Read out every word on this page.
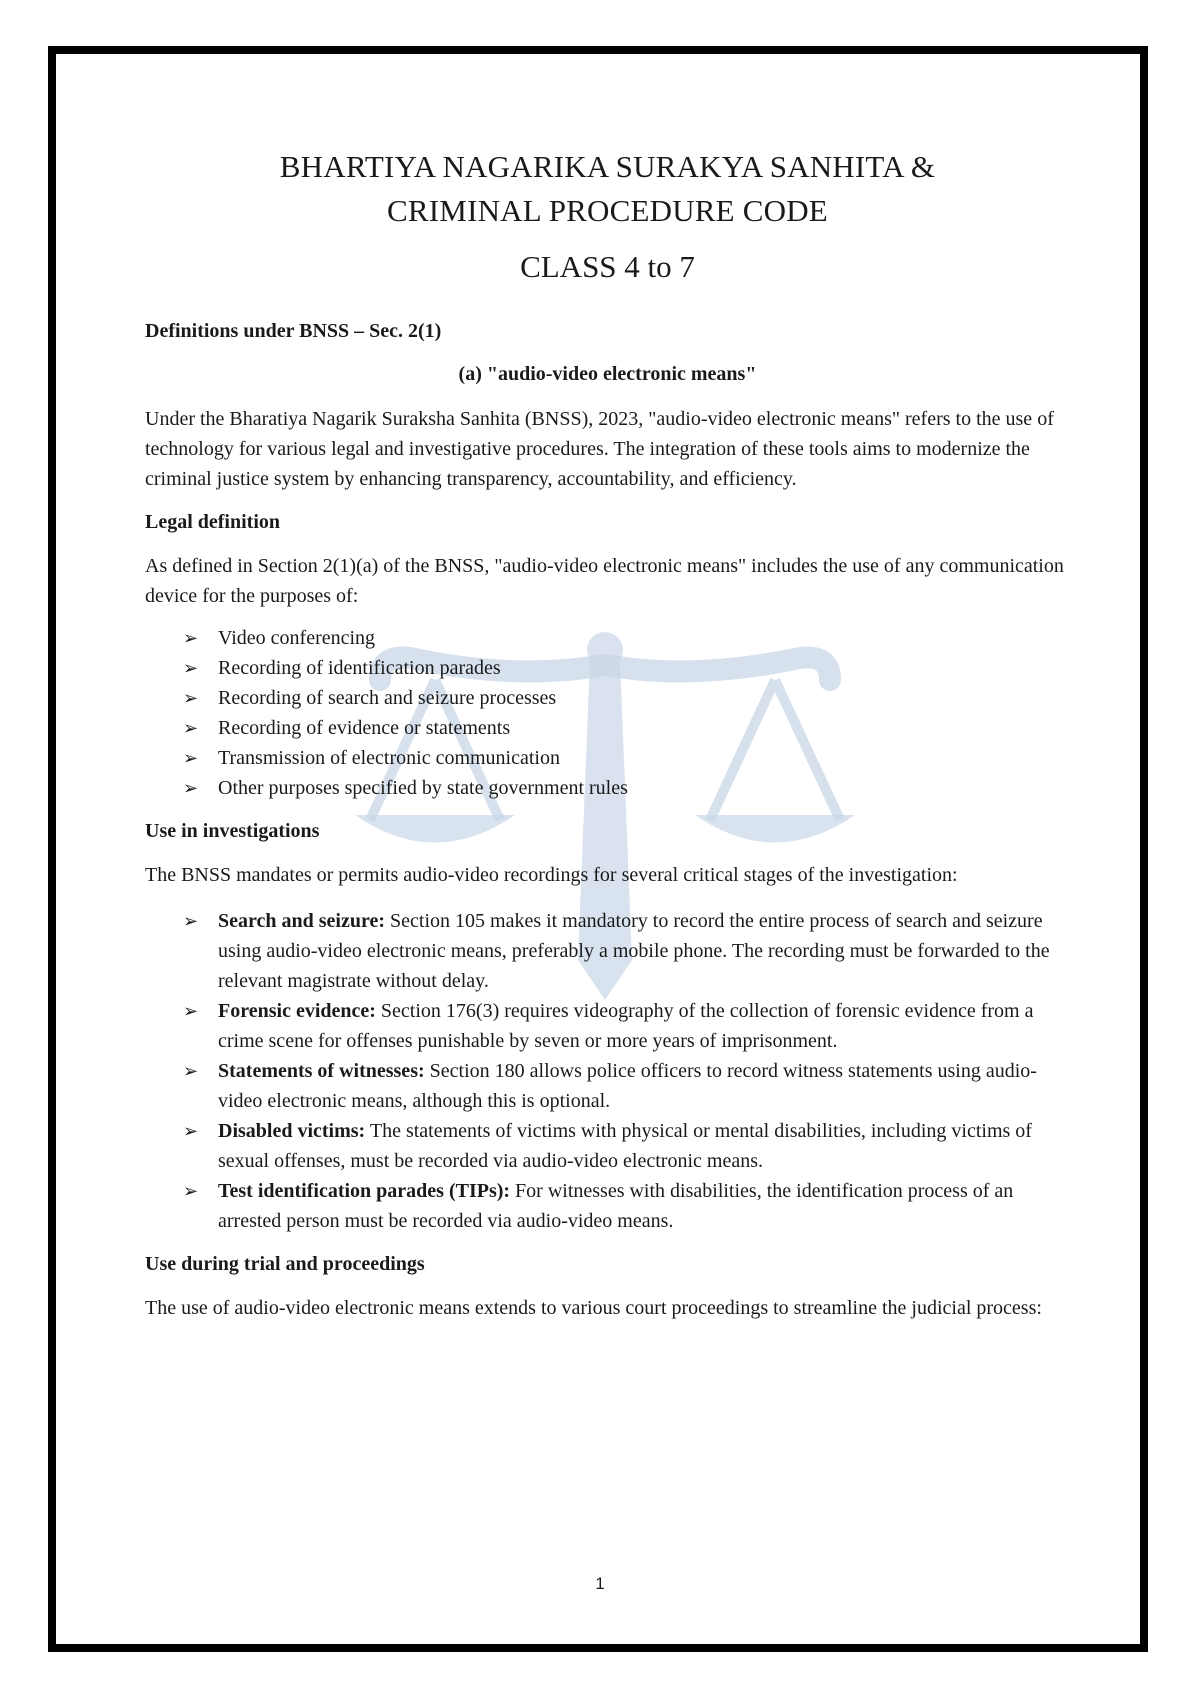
BHARTIYA NAGARIKA SURAKYA SANHITA &
CRIMINAL PROCEDURE CODE
CLASS 4 to 7

Definitions under BNSS – Sec. 2(1)

(a) "audio-video electronic means"

Under the Bharatiya Nagarik Suraksha Sanhita (BNSS), 2023, "audio-video electronic means" refers to the use of technology for various legal and investigative procedures. The integration of these tools aims to modernize the criminal justice system by enhancing transparency, accountability, and efficiency.

Legal definition

As defined in Section 2(1)(a) of the BNSS, "audio-video electronic means" includes the use of any communication device for the purposes of:

➢ Video conferencing
➢ Recording of identification parades
➢ Recording of search and seizure processes
➢ Recording of evidence or statements
➢ Transmission of electronic communication
➢ Other purposes specified by state government rules

Use in investigations

The BNSS mandates or permits audio-video recordings for several critical stages of the investigation:

➢ Search and seizure: Section 105 makes it mandatory to record the entire process of search and seizure using audio-video electronic means, preferably a mobile phone. The recording must be forwarded to the relevant magistrate without delay.
➢ Forensic evidence: Section 176(3) requires videography of the collection of forensic evidence from a crime scene for offenses punishable by seven or more years of imprisonment.
➢ Statements of witnesses: Section 180 allows police officers to record witness statements using audio-video electronic means, although this is optional.
➢ Disabled victims: The statements of victims with physical or mental disabilities, including victims of sexual offenses, must be recorded via audio-video electronic means.
➢ Test identification parades (TIPs): For witnesses with disabilities, the identification process of an arrested person must be recorded via audio-video means.

Use during trial and proceedings

The use of audio-video electronic means extends to various court proceedings to streamline the judicial process:

1
